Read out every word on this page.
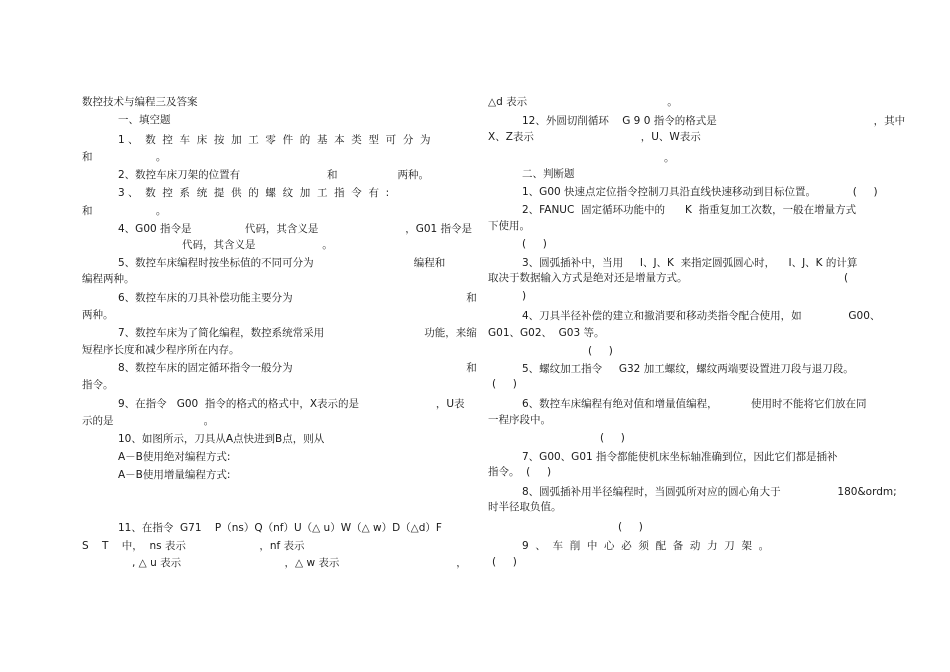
数控技术与编程三及答案
一、填空题
1 、  数  控  车  床  按  加  工  零  件  的  基  本  类  型  可  分  为
和                   。
2、数控车床刀架的位置有                          和                  两种。
3 、  数  控  系  统  提  供  的  螺  纹  加  工  指  令  有  :
和                   。
4、G00 指令是                代码，其含义是                          ，G01 指令是
代码，其含义是                    。
5、数控车床编程时按坐标值的不同可分为                              编程和
编程两种。
6、数控车床的刀具补偿功能主要分为                                                    和
两种。
7、数控车床为了简化编程，数控系统常采用                              功能，来缩
短程序长度和减少程序所在内存。
8、数控车床的固定循环指令一般分为                                                    和
指令。
9、在指令   G00  指令的格式的格式中，X表示的是                       ，U表
示的是                           。
10、如图所示，刀具从A点快进到B点，则从
A－B使用绝对编程方式:
A－B使用增量编程方式:
11、在指令  G71    P（ns）Q（nf）U（△ u）W（△ w）D（△d）F
S    T    中，  ns 表示                      ，nf 表示
, △ u 表示                               ，△ w 表示                                   ，
△d 表示                                          。
12、外圆切削循环    G 9 0 指令的格式是                                               ，其中
X、Z表示                                ，U、W表示
。
二、判断题
1、G00 快速点定位指令控制刀具沿直线快速移动到目标位置。           (     )
2、FANUC  固定循环功能中的      K  指重复加工次数，一般在增量方式
下使用。
(     )
3、圆弧插补中，当用     I、J、K  来指定圆弧圆心时，    I、J、K 的计算
取决于数据输入方式是绝对还是增量方式。	(
)
4、刀具半径补偿的建立和撤消要和移动类指令配合使用，如              G00、
G01、G02、  G03 等。
(     )
5、螺纹加工指令     G32 加工螺纹，螺纹两端要设置进刀段与退刀段。
(     )
6、数控车床编程有绝对值和增量值编程，          使用时不能将它们放在同
一程序段中。
(     )
7、G00、G01 指令都能使机床坐标轴准确到位，因此它们都是插补
指令。  (     )
8、圆弧插补用半径编程时，当圆弧所对应的圆心角大于                 180&ordm;
时半径取负值。
(     )
9  、  车  削  中  心  必  须  配  备  动  力  刀  架  。
(     )
